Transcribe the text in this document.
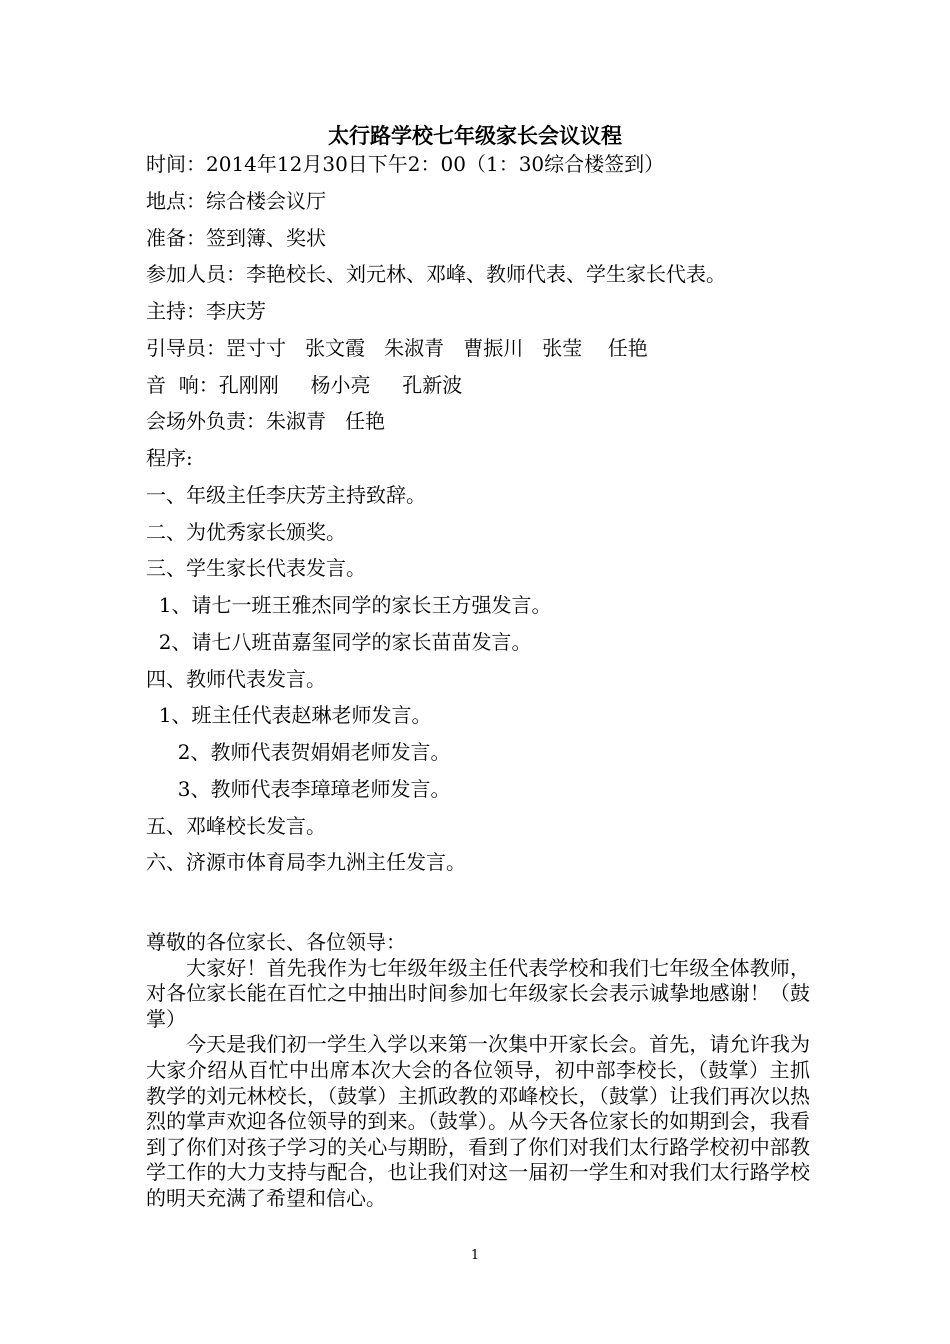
太行路学校七年级家长会议议程
时间：2014年12月30日下午2：00（1：30综合楼签到）
地点：综合楼会议厅
准备：签到簿、奖状
参加人员：李艳校长、刘元林、邓峰、教师代表、学生家长代表。
主持：李庆芳
引导员：罡寸寸   张文霞   朱淑青   曹振川   张莹    任艳
音  响：孔刚刚     杨小亮     孔新波
会场外负责：朱淑青   任艳
程序:
一、年级主任李庆芳主持致辞。
二、为优秀家长颁奖。
三、学生家长代表发言。
1、请七一班王雅杰同学的家长王方强发言。
2、请七八班苗嘉玺同学的家长苗苗发言。
四、教师代表发言。
1、班主任代表赵琳老师发言。
2、教师代表贺娟娟老师发言。
3、教师代表李璋璋老师发言。
五、邓峰校长发言。
六、济源市体育局李九洲主任发言。

尊敬的各位家长、各位领导：

大家好！首先我作为七年级年级主任代表学校和我们七年级全体教师，对各位家长能在百忙之中抽出时间参加七年级家长会表示诚挚地感谢！（鼓掌）

今天是我们初一学生入学以来第一次集中开家长会。首先，请允许我为大家介绍从百忙中出席本次大会的各位领导，初中部李校长，（鼓掌）主抓教学的刘元林校长，（鼓掌）主抓政教的邓峰校长，（鼓掌）让我们再次以热烈的掌声欢迎各位领导的到来。（鼓掌）。从今天各位家长的如期到会，我看到了你们对孩子学习的关心与期盼，看到了你们对我们太行路学校初中部教学工作的大力支持与配合，也让我们对这一届初一学生和对我们太行路学校的明天充满了希望和信心。

1
